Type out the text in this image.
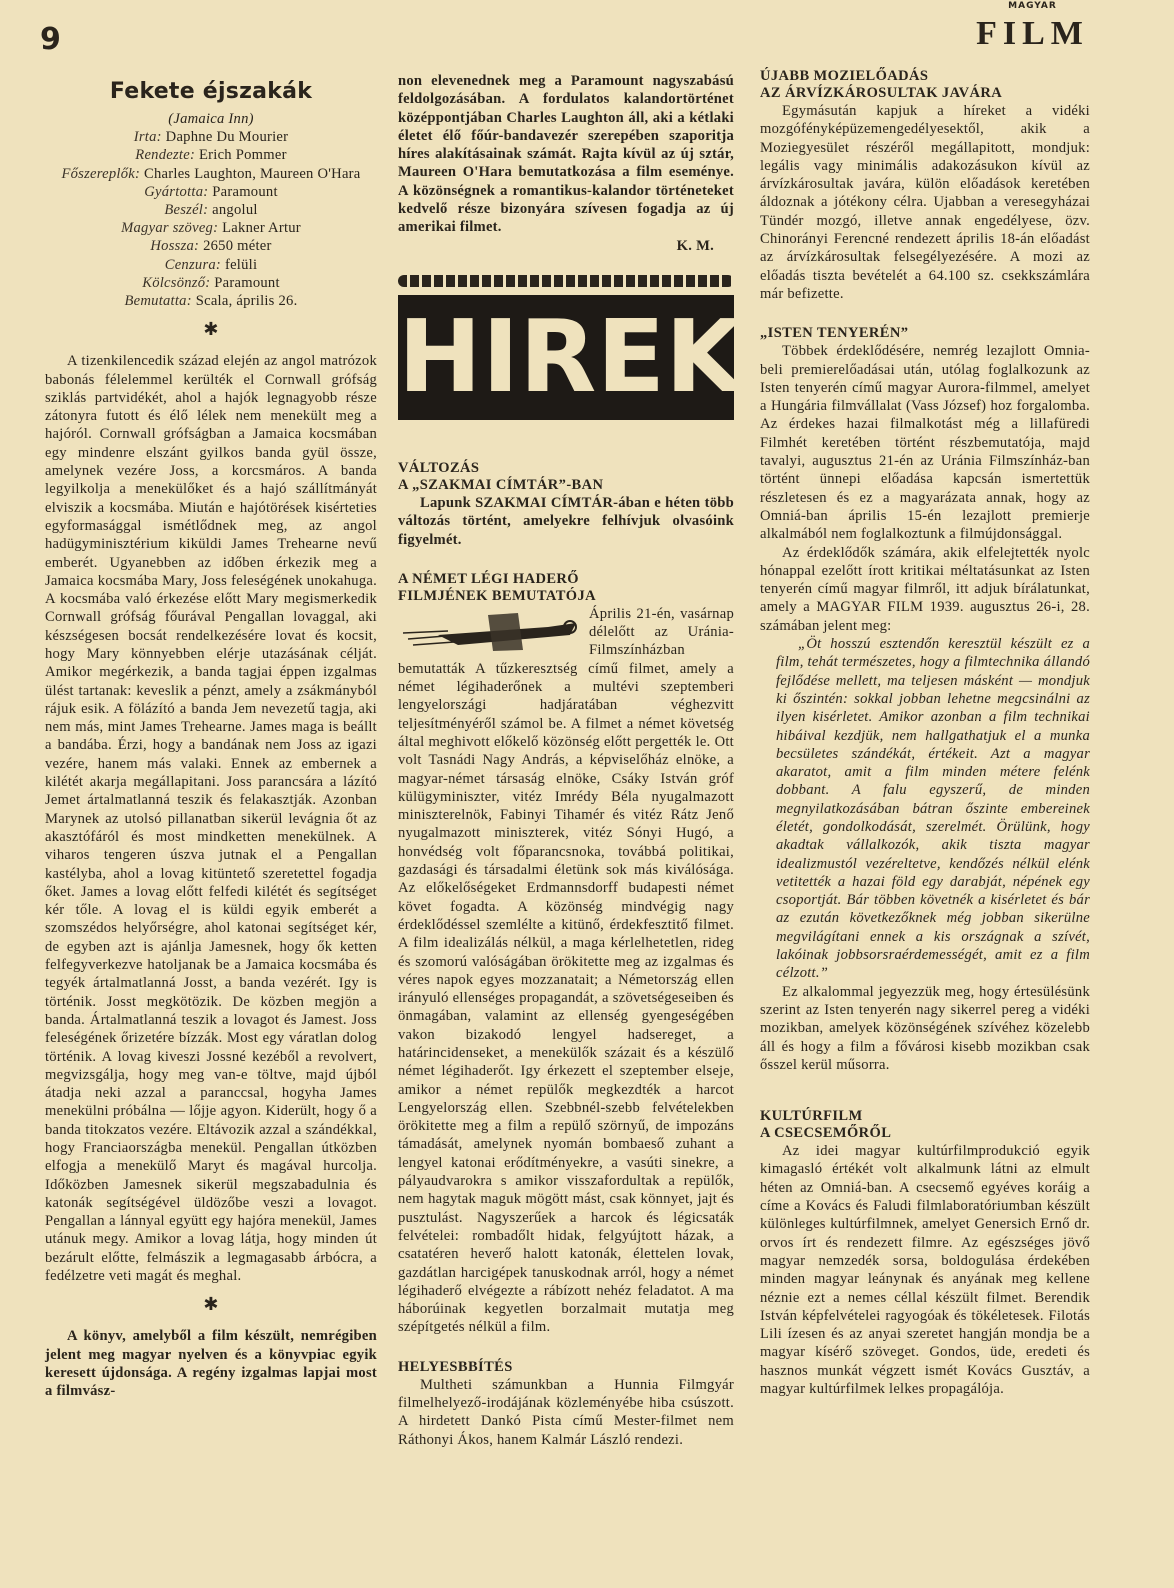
9
MAGYAR
FILM
Fekete éjszakák
(Jamaica Inn)
Irta: Daphne Du Mourier
Rendezte: Erich Pommer
Főszereplők: Charles Laughton, Maureen O'Hara
Gyártotta: Paramount
Beszél: angolul
Magyar szöveg: Lakner Artur
Hossza: 2650 méter
Cenzura: felüli
Kölcsönző: Paramount
Bemutatta: Scala, április 26.
✱

A tizenkilencedik század elején az angol matrózok babonás félelemmel kerülték el Cornwall grófság sziklás partvidékét, ahol a hajók legnagyobb része zátonyra futott és élő lélek nem menekült meg a hajóról. Cornwall grófságban a Jamaica kocsmában egy mindenre elszánt gyilkos banda gyül össze, amelynek vezére Joss, a korcsmáros. A banda legyilkolja a menekülőket és a hajó szállítmányát elviszik a kocsmába. Miután e hajótörések kisérteties egyformasággal ismétlődnek meg, az angol hadügyminisztérium kiküldi James Trehearne nevű emberét. Ugyanebben az időben érkezik meg a Jamaica kocsmába Mary, Joss feleségének unokahuga. A kocsmába való érkezése előtt Mary megismerkedik Cornwall grófság főurával Pengallan lovaggal, aki készségesen bocsát rendelkezésére lovat és kocsit, hogy Mary könnyebben elérje utazásának célját. Amikor megérkezik, a banda tagjai éppen izgalmas ülést tartanak: keveslik a pénzt, amely a zsákmányból rájuk esik. A fölázító a banda Jem nevezetű tagja, aki nem más, mint James Trehearne. James maga is beállt a bandába. Érzi, hogy a bandának nem Joss az igazi vezére, hanem más valaki. Ennek az embernek a kilétét akarja megállapitani. Joss parancsára a lázító Jemet ártalmatlanná teszik és felakasztják. Azonban Marynek az utolsó pillanatban sikerül levágnia őt az akasztófáról és most mindketten menekülnek. A viharos tengeren úszva jutnak el a Pengallan kastélyba, ahol a lovag kitüntető szeretettel fogadja őket. James a lovag előtt felfedi kilétét és segítséget kér tőle. A lovag el is küldi egyik emberét a szomszédos helyőrségre, ahol katonai segítséget kér, de egyben azt is ajánlja Jamesnek, hogy ők ketten felfegyverkezve hatoljanak be a Jamaica kocsmába és tegyék ártalmatlanná Josst, a banda vezérét. Igy is történik. Josst megkötözik. De közben megjön a banda. Ártalmatlanná teszik a lovagot és Jamest. Joss feleségének őrizetére bízzák. Most egy váratlan dolog történik. A lovag kiveszi Jossné kezéből a revolvert, megvizsgálja, hogy meg van-e töltve, majd újból átadja neki azzal a paranccsal, hogyha James menekülni próbálna — lőjje agyon. Kiderült, hogy ő a banda titokzatos vezére. Eltávozik azzal a szándékkal, hogy Franciaországba menekül. Pengallan útközben elfogja a menekülő Maryt és magával hurcolja. Időközben Jamesnek sikerül megszabadulnia és katonák segítségével üldözőbe veszi a lovagot. Pengallan a lánnyal együtt egy hajóra menekül, James utánuk megy. Amikor a lovag látja, hogy minden út bezárult előtte, felmászik a legmagasabb árbócra, a fedélzetre veti magát és meghal.

✱

A könyv, amelyből a film készült, nemrégiben jelent meg magyar nyelven és a könyvpiac egyik keresett újdonsága. A regény izgalmas lapjai most a filmvász-

non elevenednek meg a Paramount nagyszabású feldolgozásában. A fordulatos kalandortörténet középpontjában Charles Laughton áll, aki a kétlaki életet élő főúr-bandavezér szerepében szaporitja híres alakításainak számát. Rajta kívül az új sztár, Maureen O'Hara bemutatkozása a film eseménye. A közönségnek a romantikus-kalandor történeteket kedvelő része bizonyára szívesen fogadja az új amerikai filmet.

K. M.
H I R E K
VÁLTOZÁS
A „SZAKMAI CÍMTÁR”-BAN

Lapunk SZAKMAI CÍMTÁR-ában e héten több változás történt, amelyekre felhívjuk olvasóink figyelmét.

A NÉMET LÉGI HADERŐ
FILMJÉNEK BEMUTATÓJA

Április 21-én, vasárnap délelőtt az Uránia-Filmszínházban bemutatták A tűzkeresztség című filmet, amely a német légihaderőnek a multévi szeptemberi lengyelországi hadjáratában véghezvitt teljesítményéről számol be. A filmet a német követség által meghivott előkelő közönség előtt pergették le. Ott volt Tasnádi Nagy András, a képviselőház elnöke, a magyar-német társaság elnöke, Csáky István gróf külügyminiszter, vitéz Imrédy Béla nyugalmazott miniszterelnök, Fabinyi Tihamér és vitéz Rátz Jenő nyugalmazott miniszterek, vitéz Sónyi Hugó, a honvédség volt főparancsnoka, továbbá politikai, gazdasági és társadalmi életünk sok más kiválósága. Az előkelőségeket Erdmannsdorff budapesti német követ fogadta. A közönség mindvégig nagy érdeklődéssel szemlélte a kitünő, érdekfesztitő filmet. A film idealizálás nélkül, a maga kérlelhetetlen, rideg és szomorú valóságában örökitette meg az izgalmas és véres napok egyes mozzanatait; a Németország ellen irányuló ellenséges propagandát, a szövetségeseiben és önmagában, valamint az ellenség gyengeségében vakon bizakodó lengyel hadsereget, a határincidenseket, a menekülők százait és a készülő német légihaderőt. Igy érkezett el szeptember elseje, amikor a német repülők megkezdték a harcot Lengyelország ellen. Szebbnél-szebb felvételekben örökitette meg a film a repülő szörnyű, de impozáns támadását, amelynek nyomán bombaeső zuhant a lengyel katonai erődítményekre, a vasúti sinekre, a pályaudvarokra s amikor visszafordultak a repülők, nem hagytak maguk mögött mást, csak könnyet, jajt és pusztulást. Nagyszerűek a harcok és légicsaták felvételei: rombadőlt hidak, felgyújtott házak, a csatatéren heverő halott katonák, élettelen lovak, gazdátlan harcigépek tanuskodnak arról, hogy a német légihaderő elvégezte a rábízott nehéz feladatot. A ma háborúinak kegyetlen borzalmait mutatja meg szépítgetés nélkül a film.

HELYESBBÍTÉS

Multheti számunkban a Hunnia Filmgyár filmelhelyező-irodájának közleményébe hiba csúszott. A hirdetett Dankó Pista című Mester-filmet nem Ráthonyi Ákos, hanem Kalmár László rendezi.

ÚJABB MOZIELŐADÁS
AZ ÁRVÍZKÁROSULTAK JAVÁRA

Egymásután kapjuk a híreket a vidéki mozgófényképüzemengedélyesektől, akik a Moziegyesület részéről megállapitott, mondjuk: legális vagy minimális adakozásukon kívül az árvízkárosultak javára, külön előadások keretében áldoznak a jótékony célra. Ujabban a veresegyházai Tündér mozgó, illetve annak engedélyese, özv. Chinorányi Ferencné rendezett április 18-án előadást az árvízkárosultak felsegélyezésére. A mozi az előadás tiszta bevételét a 64.100 sz. csekkszámlára már befizette.

„ISTEN TENYERÉN”

Többek érdeklődésére, nemrég lezajlott Omnia-beli premierelőadásai után, utólag foglalkozunk az Isten tenyerén című magyar Aurora-filmmel, amelyet a Hungária filmvállalat (Vass József) hoz forgalomba. Az érdekes hazai filmalkotást még a lillafüredi Filmhét keretében történt részbemutatója, majd tavalyi, augusztus 21-én az Uránia Filmszínház-ban történt ünnepi előadása kapcsán ismertettük részletesen és ez a magyarázata annak, hogy az Omniá-ban április 15-én lezajlott premierje alkalmából nem foglalkoztunk a filmújdonsággal.

Az érdeklődők számára, akik elfelejtették nyolc hónappal ezelőtt írott kritikai méltatásunkat az Isten tenyerén című magyar filmről, itt adjuk bírálatunkat, amely a MAGYAR FILM 1939. augusztus 26-i, 28. számában jelent meg:

„Öt hosszú esztendőn keresztül készült ez a film, tehát természetes, hogy a filmtechnika állandó fejlődése mellett, ma teljesen másként — mondjuk ki őszintén: sokkal jobban lehetne megcsinálni az ilyen kisérletet. Amikor azonban a film technikai hibáival kezdjük, nem hallgathatjuk el a munka becsületes szándékát, értékeit. Azt a magyar akaratot, amit a film minden métere felénk dobbant. A falu egyszerű, de minden megnyilatkozásában bátran őszinte embereinek életét, gondolkodását, szerelmét. Örülünk, hogy akadtak vállalkozók, akik tiszta magyar idealizmustól vezéreltetve, kendőzés nélkül elénk vetitették a hazai föld egy darabját, népének egy csoportját. Bár többen követnék a kisérletet és bár az ezután következőknek még jobban sikerülne megvilágítani ennek a kis országnak a szívét, lakóinak jobbsorsraérdemességét, amit ez a film célzott.”

Ez alkalommal jegyezzük meg, hogy értesülésünk szerint az Isten tenyerén nagy sikerrel pereg a vidéki mozikban, amelyek közönségének szívéhez közelebb áll és hogy a film a fővárosi kisebb mozikban csak ősszel kerül műsorra.

KULTÚRFILM
A CSECSEMŐRŐL

Az idei magyar kultúrfilmprodukció egyik kimagasló értékét volt alkalmunk látni az elmult héten az Omniá-ban. A csecsemő egyéves koráig a címe a Kovács és Faludi filmlaboratóriumban készült különleges kultúrfilmnek, amelyet Genersich Ernő dr. orvos írt és rendezett filmre. Az egészséges jövő magyar nemzedék sorsa, boldogulása érdekében minden magyar leánynak és anyának meg kellene néznie ezt a nemes céllal készült filmet. Berendik István képfelvételei ragyogóak és tökéletesek. Filotás Lili ízesen és az anyai szeretet hangján mondja be a magyar kísérő szöveget. Gondos, üde, eredeti és hasznos munkát végzett ismét Kovács Gusztáv, a magyar kultúrfilmek lelkes propagálója.
